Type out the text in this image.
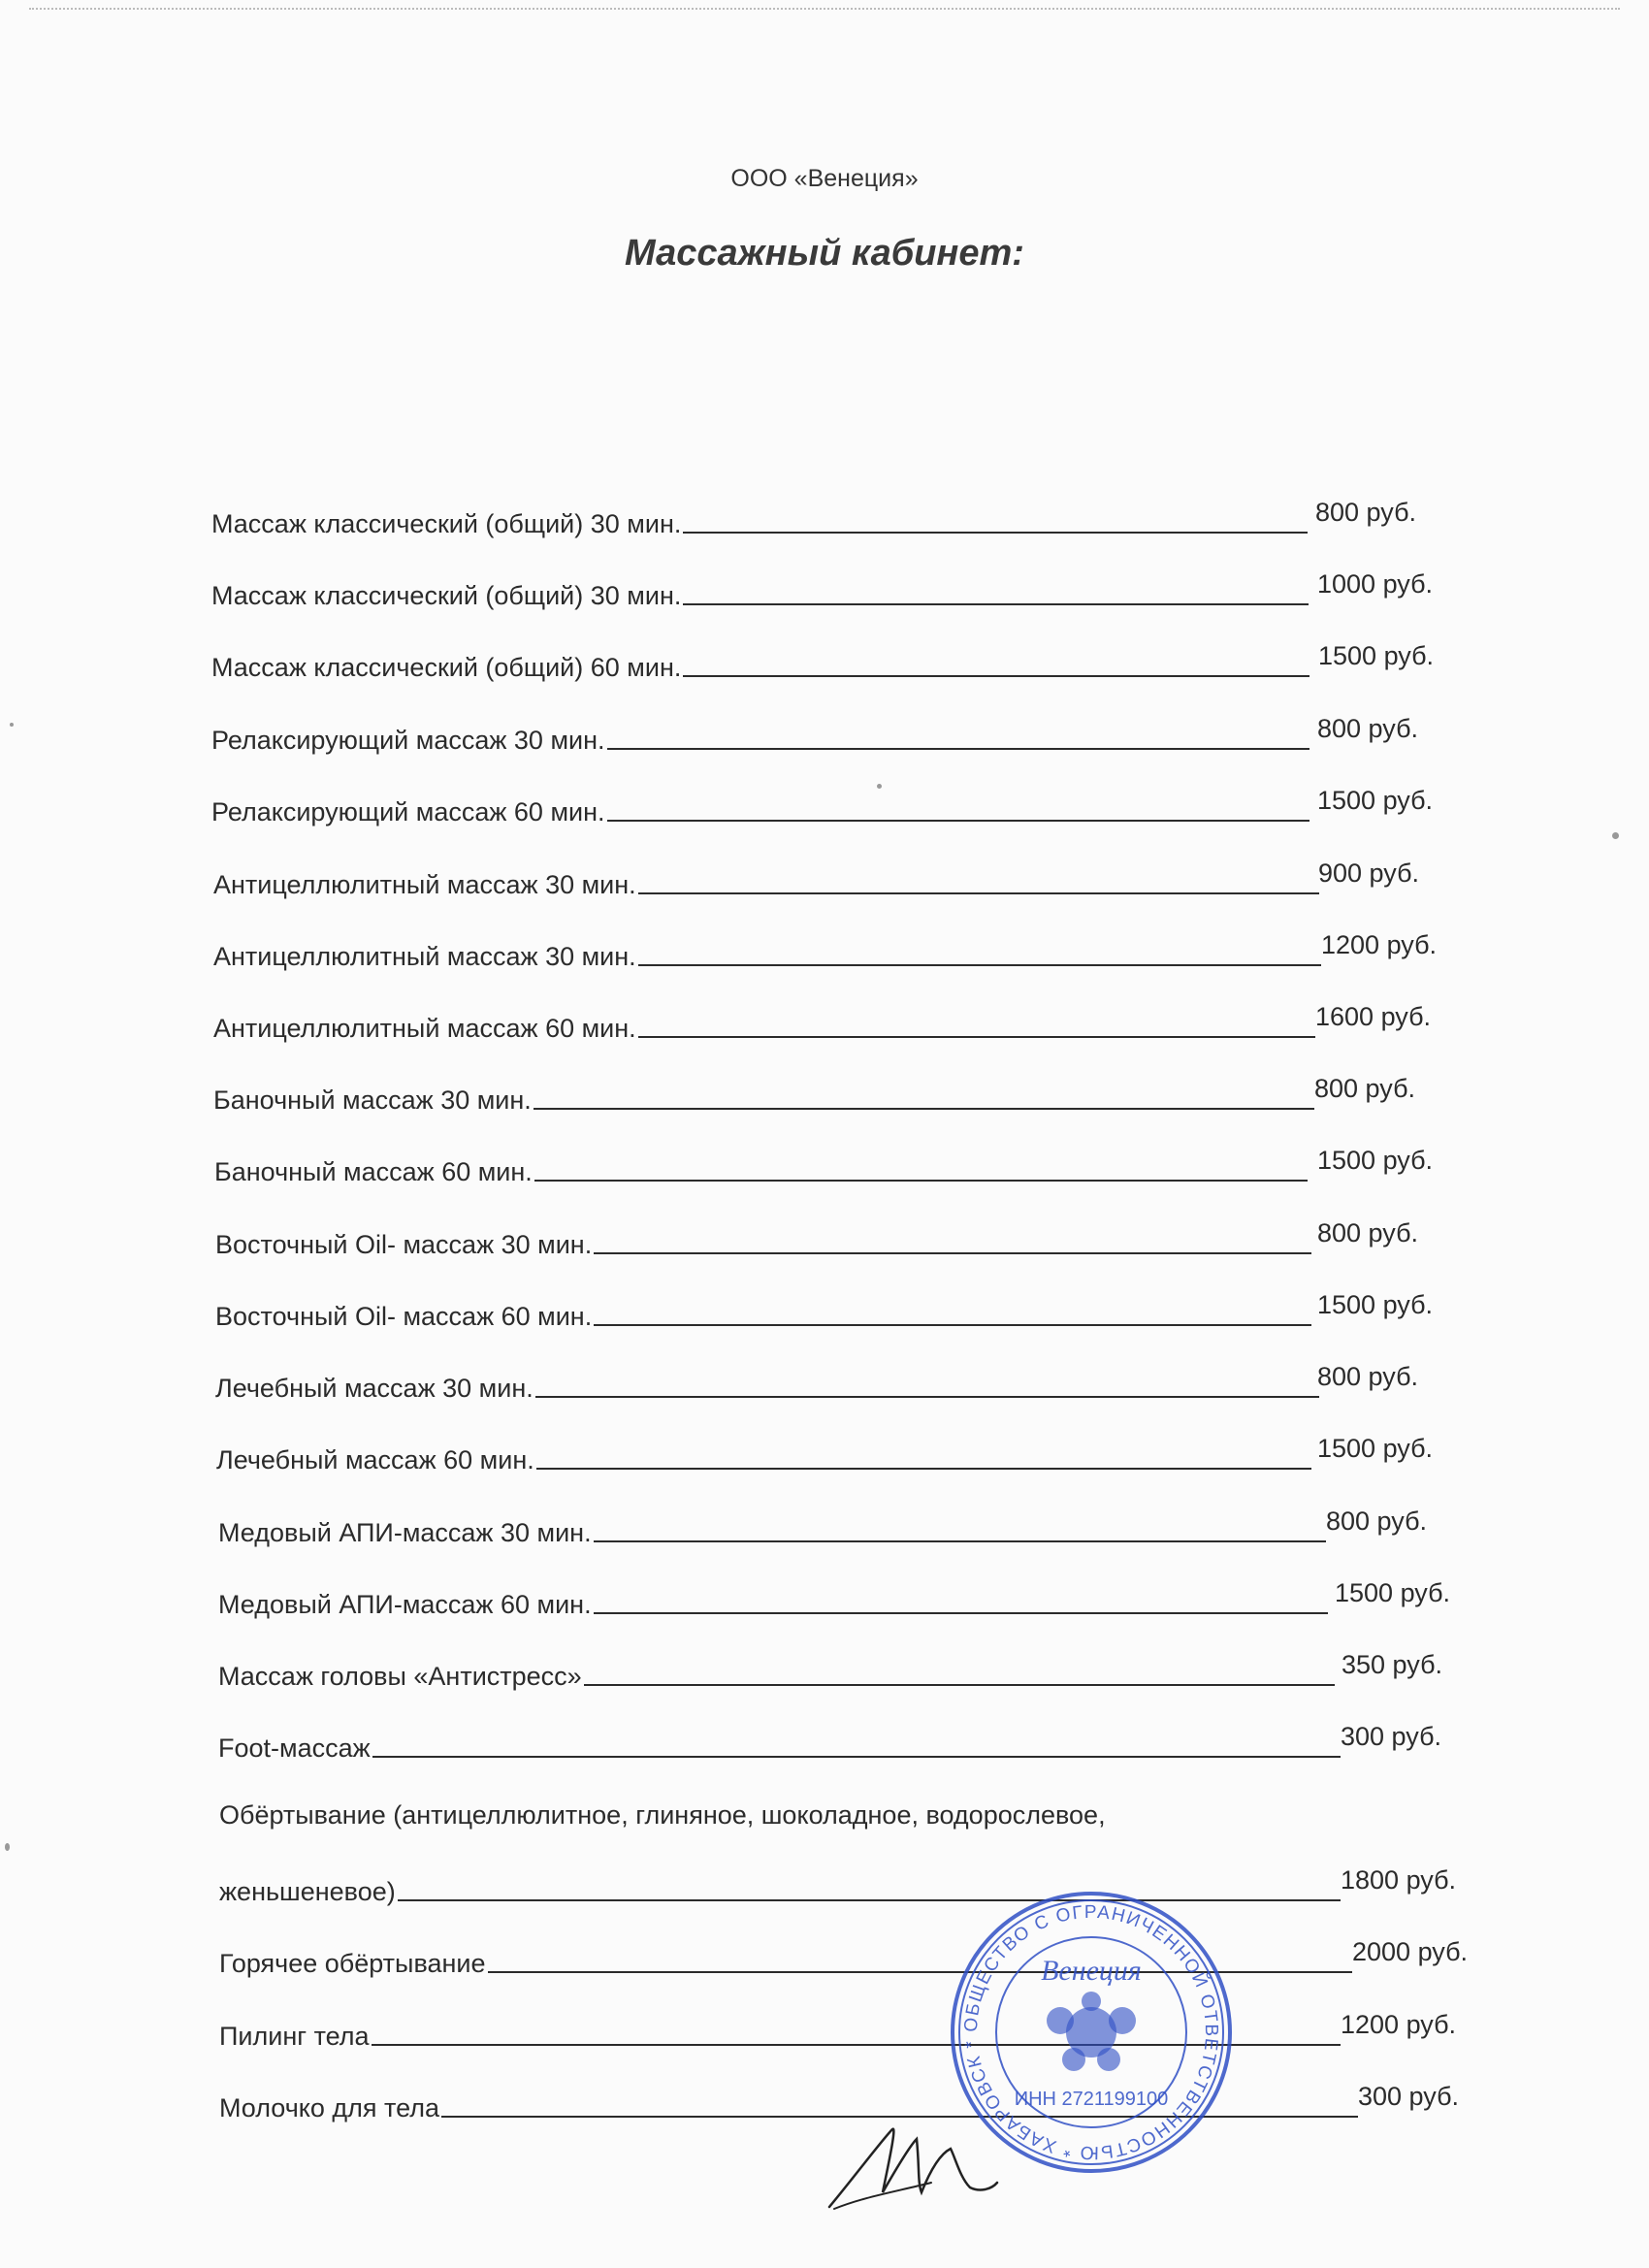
ООО «Венеция»
Массажный кабинет:
Массаж классический (общий) 30 мин.	800 руб.
Массаж классический (общий) 30 мин.	1000 руб.
Массаж классический (общий) 60 мин.	1500 руб.
Релаксирующий массаж 30 мин.	800 руб.
Релаксирующий массаж 60 мин.	1500 руб.
Антицеллюлитный массаж 30 мин.	900 руб.
Антицеллюлитный массаж 30 мин.	1200 руб.
Антицеллюлитный массаж 60 мин.	1600 руб.
Баночный массаж 30 мин.	800 руб.
Баночный массаж 60 мин.	1500 руб.
Восточный Oil- массаж 30 мин.	800 руб.
Восточный Oil- массаж 60 мин.	1500 руб.
Лечебный массаж 30 мин.	800 руб.
Лечебный массаж 60 мин.	1500 руб.
Медовый АПИ-массаж 30 мин.	800 руб.
Медовый АПИ-массаж 60 мин.	1500 руб.
Массаж головы «Антистресс»	350 руб.
Foot-массаж	300 руб.
Обёртывание (антицеллюлитное, глиняное, шоколадное, водорослевое,
женьшеневое)	1800 руб.
Горячее обёртывание	2000 руб.
Пилинг тела	1200 руб.
Молочко для тела	300 руб.
ОБЩЕСТВО С ОГРАНИЧЕННОЙ ОТВЕТСТВЕННОСТЬЮ * ХАБАРОВСК *
Венеция
ИНН 2721199100
